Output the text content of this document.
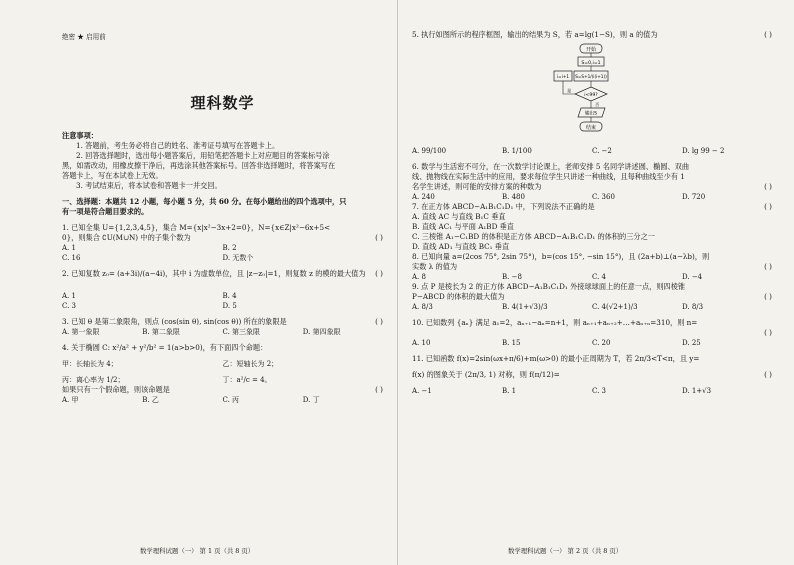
绝密 ★ 启用前
理科数学
注意事项：
1. 答题前，考生务必将自己的姓名、准考证号填写在答题卡上。
2. 回答选择题时，选出每小题答案后，用铅笔把答题卡上对应题目的答案标号涂
黑，如需改动，用橡皮擦干净后，再选涂其他答案标号。回答非选择题时，将答案写在
答题卡上，写在本试卷上无效。
3. 考试结束后，将本试卷和答题卡一并交回。
一、选择题：本题共 12 小题，每小题 5 分，共 60 分。在每小题给出的四个选项中，只
有一项是符合题目要求的。
1. 已知全集 U={1,2,3,4,5}，集合 M={x|x²−3x+2=0}，N={x∈Z|x²−6x+5<
0}，则集合 ∁U(M∪N) 中的子集个数为	( )
A. 1	B. 2
C. 16	D. 无数个
2. 已知复数 z₀= (a+3i)/(a−4i)，其中 i 为虚数单位，且 |z−z₀|=1，则复数 z 的模的最大值为 ( )
A. 1	B. 4
C. 3	D. 5
3. 已知 θ 是第二象限角，则点 (cos(sin θ), sin(cos θ)) 所在的象限是	( )
A. 第一象限	B. 第二象限	C. 第三象限	D. 第四象限
4. 关于椭圆 C: x²/a² + y²/b² = 1(a>b>0)，有下面四个命题：
甲：长轴长为 4；	乙：短轴长为 2；
丙：离心率为 1/2；	丁：a²/c = 4。
如果只有一个假命题，则该命题是	( )
A. 甲	B. 乙	C. 丙	D. 丁
数学理科试题（一） 第 1 页（共 8 页）
5. 执行如图所示的程序框图，输出的结果为 S，若 a=lg(1−S)，则 a 的值为	( )
开始
S=0,i=1
S=S+1/(i(i+1))
i=i+1
i<99?
是
否
输出S
结束
A. 99/100	B. 1/100	C. −2	D. lg 99 − 2
6. 数学与生活密不可分，在一次数学讨论课上，老师安排 5 名同学讲述圆、椭圆、双曲
线、抛物线在实际生活中的应用，要求每位学生只讲述一种曲线，且每种曲线至少有 1
名学生讲述，则可能的安排方案的种数为	( )
A. 240	B. 480	C. 360	D. 720
7. 在正方体 ABCD−A₁B₁C₁D₁ 中，下列说法不正确的是	( )
A. 直线 AC 与直线 B₁C 垂直
B. 直线 AC₁ 与平面 A₁BD 垂直
C. 三棱锥 A₁−C₁BD 的体积是正方体 ABCD−A₁B₁C₁D₁ 的体积的三分之一
D. 直线 AD₁ 与直线 BC₁ 垂直
8. 已知向量 a=(2cos 75°, 2sin 75°)，b=(cos 15°, −sin 15°)，且 (2a+b)⊥(a−λb)，则
实数 λ 的值为	( )
A. 8	B. −8	C. 4	D. −4
9. 点 P 是棱长为 2 的正方体 ABCD−A₁B₁C₁D₁ 外接球球面上的任意一点，则四棱锥
P−ABCD 的体积的最大值为	( )
A. 8/3	B. 4(1+√3)/3	C. 4(√2+1)/3	D. 8/3
10. 已知数列 {aₙ} 满足 a₁=2，aₙ₊₁−aₙ=n+1，则 aₙ₊₁+aₙ₊₂+…+aₙ₊ₙ=310，则 n=
( )

A. 10	B. 15	C. 20	D. 25
11. 已知函数 f(x)=2sin(ωx+π/6)+m(ω>0) 的最小正周期为 T，若 2π/3<T<π，且 y=
f(x) 的图象关于 (2π/3, 1) 对称，则 f(π/12)=	( )
A. −1	B. 1	C. 3	D. 1+√3
数学理科试题（一） 第 2 页（共 8 页）
